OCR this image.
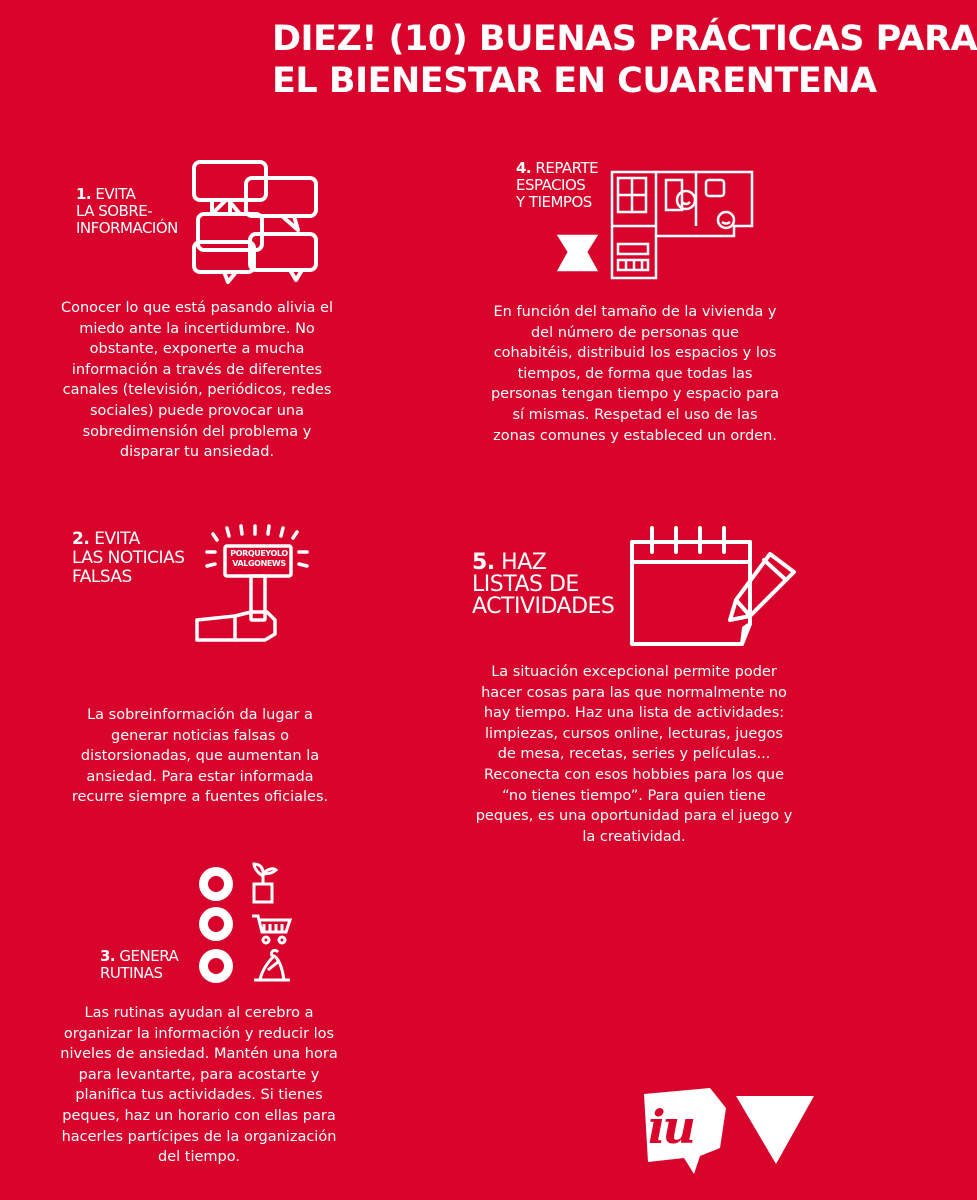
DIEZ! (10) BUENAS PRÁCTICAS PARA
EL BIENESTAR EN CUARENTENA
1. EVITA
LA SOBRE-
INFORMACIÓN

Conocer lo que está pasando alivia el miedo ante la incertidumbre. No obstante, exponerte a mucha información a través de diferentes canales (televisión, periódicos, redes sociales) puede provocar una sobredimensión del problema y disparar tu ansiedad.

2. EVITA
LAS NOTICIAS
FALSAS
PORQUEYOLO
VALGONEWS

La sobreinformación da lugar a generar noticias falsas o distorsionadas, que aumentan la ansiedad. Para estar informada recurre siempre a fuentes oficiales.

3. GENERA
RUTINAS

Las rutinas ayudan al cerebro a organizar la información y reducir los niveles de ansiedad. Mantén una hora para levantarte, para acostarte y planifica tus actividades. Si tienes peques, haz un horario con ellas para hacerles partícipes de la organización del tiempo.

4. REPARTE
ESPACIOS
Y TIEMPOS

En función del tamaño de la vivienda y del número de personas que cohabitéis, distribuid los espacios y los tiempos, de forma que todas las personas tengan tiempo y espacio para sí mismas. Respetad el uso de las zonas comunes y estableced un orden.

5. HAZ
LISTAS DE
ACTIVIDADES

La situación excepcional permite poder hacer cosas para las que normalmente no hay tiempo. Haz una lista de actividades: limpiezas, cursos online, lecturas, juegos de mesa, recetas, series y películas... Reconecta con esos hobbies para los que “no tienes tiempo”. Para quien tiene peques, es una oportunidad para el juego y la creatividad.

iu
